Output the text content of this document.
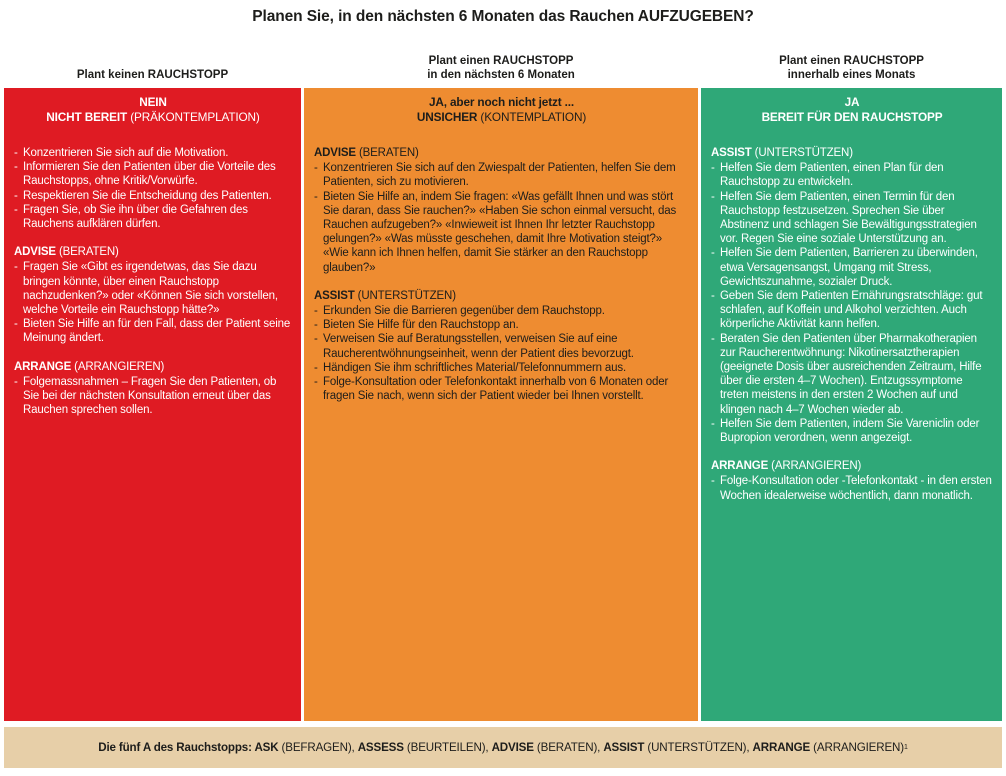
Planen Sie, in den nächsten 6 Monaten das Rauchen AUFZUGEBEN?
Plant keinen RAUCHSTOPP
Plant einen RAUCHSTOPP
in den nächsten 6 Monaten
Plant einen RAUCHSTOPP
innerhalb eines Monats
NEIN
NICHT BEREIT (PRÄKONTEMPLATION)
- Konzentrieren Sie sich auf die Motivation.
- Informieren Sie den Patienten über die Vorteile des Rauchstopps, ohne Kritik/Vorwürfe.
- Respektieren Sie die Entscheidung des Patienten.
- Fragen Sie, ob Sie ihn über die Gefahren des Rauchens aufklären dürfen.
ADVISE (BERATEN)
- Fragen Sie «Gibt es irgendetwas, das Sie dazu bringen könnte, über einen Rauchstopp nachzudenken?» oder «Können Sie sich vorstellen, welche Vorteile ein Rauchstopp hätte?»
- Bieten Sie Hilfe an für den Fall, dass der Patient seine Meinung ändert.
ARRANGE (ARRANGIEREN)
- Folgemassnahmen – Fragen Sie den Patienten, ob Sie bei der nächsten Konsultation erneut über das Rauchen sprechen sollen.
JA, aber noch nicht jetzt ...
UNSICHER (KONTEMPLATION)
ADVISE (BERATEN)
- Konzentrieren Sie sich auf den Zwiespalt der Patienten, helfen Sie dem Patienten, sich zu motivieren.
- Bieten Sie Hilfe an, indem Sie fragen: «Was gefällt Ihnen und was stört Sie daran, dass Sie rauchen?» «Haben Sie schon einmal versucht, das Rauchen aufzugeben?» «Inwieweit ist Ihnen Ihr letzter Rauchstopp gelungen?» «Was müsste geschehen, damit Ihre Motivation steigt?» «Wie kann ich Ihnen helfen, damit Sie stärker an den Rauchstopp glauben?»
ASSIST (UNTERSTÜTZEN)
- Erkunden Sie die Barrieren gegenüber dem Rauchstopp.
- Bieten Sie Hilfe für den Rauchstopp an.
- Verweisen Sie auf Beratungsstellen, verweisen Sie auf eine Raucherentwöhnungseinheit, wenn der Patient dies bevorzugt.
- Händigen Sie ihm schriftliches Material/Telefonnummern aus.
- Folge-Konsultation oder Telefonkontakt innerhalb von 6 Monaten oder fragen Sie nach, wenn sich der Patient wieder bei Ihnen vorstellt.
JA
BEREIT FÜR DEN RAUCHSTOPP
ASSIST (UNTERSTÜTZEN)
- Helfen Sie dem Patienten, einen Plan für den Rauchstopp zu entwickeln.
- Helfen Sie dem Patienten, einen Termin für den Rauchstopp festzusetzen. Sprechen Sie über Abstinenz und schlagen Sie Bewältigungsstrategien vor. Regen Sie eine soziale Unterstützung an.
- Helfen Sie dem Patienten, Barrieren zu überwinden, etwa Versagensangst, Umgang mit Stress, Gewichtszunahme, sozialer Druck.
- Geben Sie dem Patienten Ernährungsratschläge: gut schlafen, auf Koffein und Alkohol verzichten. Auch körperliche Aktivität kann helfen.
- Beraten Sie den Patienten über Pharmakotherapien zur Raucherentwöhnung: Nikotinersatztherapien (geeignete Dosis über ausreichenden Zeitraum, Hilfe über die ersten 4–7 Wochen). Entzugssymptome treten meistens in den ersten 2 Wochen auf und klingen nach 4–7 Wochen wieder ab.
- Helfen Sie dem Patienten, indem Sie Vareniclin oder Bupropion verordnen, wenn angezeigt.
ARRANGE (ARRANGIEREN)
- Folge-Konsultation oder -Telefonkontakt - in den ersten Wochen idealerweise wöchentlich, dann monatlich.
Die fünf A des Rauchstopps: ASK (BEFRAGEN), ASSESS (BEURTEILEN), ADVISE (BERATEN), ASSIST (UNTERSTÜTZEN), ARRANGE (ARRANGIEREN) 1
